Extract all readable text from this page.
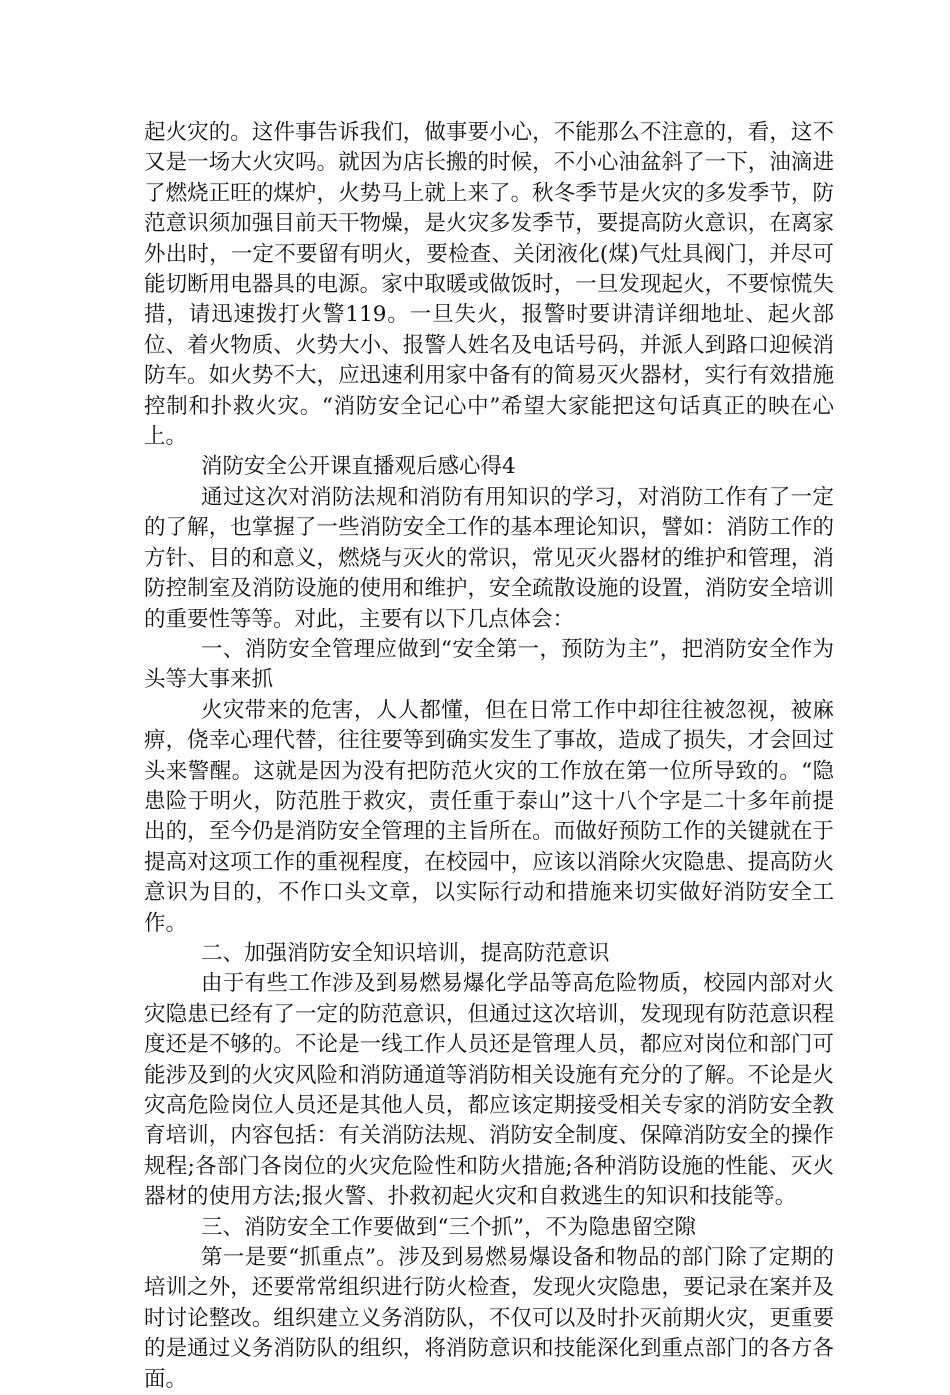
起火灾的。这件事告诉我们，做事要小心，不能那么不注意的，看，这不又是一场大火灾吗。就因为店长搬的时候，不小心油盆斜了一下，油滴进了燃烧正旺的煤炉，火势马上就上来了。秋冬季节是火灾的多发季节，防范意识须加强目前天干物燥，是火灾多发季节，要提高防火意识，在离家外出时，一定不要留有明火，要检查、关闭液化(煤)气灶具阀门，并尽可能切断用电器具的电源。家中取暖或做饭时，一旦发现起火，不要惊慌失措，请迅速拨打火警119。一旦失火，报警时要讲清详细地址、起火部位、着火物质、火势大小、报警人姓名及电话号码，并派人到路口迎候消防车。如火势不大，应迅速利用家中备有的简易灭火器材，实行有效措施控制和扑救火灾。“消防安全记心中”希望大家能把这句话真正的映在心上。

消防安全公开课直播观后感心得4

通过这次对消防法规和消防有用知识的学习，对消防工作有了一定的了解，也掌握了一些消防安全工作的基本理论知识，譬如：消防工作的方针、目的和意义，燃烧与灭火的常识，常见灭火器材的维护和管理，消防控制室及消防设施的使用和维护，安全疏散设施的设置，消防安全培训的重要性等等。对此，主要有以下几点体会：

一、消防安全管理应做到“安全第一，预防为主”，把消防安全作为头等大事来抓

火灾带来的危害，人人都懂，但在日常工作中却往往被忽视，被麻痹，侥幸心理代替，往往要等到确实发生了事故，造成了损失，才会回过头来警醒。这就是因为没有把防范火灾的工作放在第一位所导致的。“隐患险于明火，防范胜于救灾，责任重于泰山”这十八个字是二十多年前提出的，至今仍是消防安全管理的主旨所在。而做好预防工作的关键就在于提高对这项工作的重视程度，在校园中，应该以消除火灾隐患、提高防火意识为目的，不作口头文章，以实际行动和措施来切实做好消防安全工作。

二、加强消防安全知识培训，提高防范意识

由于有些工作涉及到易燃易爆化学品等高危险物质，校园内部对火灾隐患已经有了一定的防范意识，但通过这次培训，发现现有防范意识程度还是不够的。不论是一线工作人员还是管理人员，都应对岗位和部门可能涉及到的火灾风险和消防通道等消防相关设施有充分的了解。不论是火灾高危险岗位人员还是其他人员，都应该定期接受相关专家的消防安全教育培训，内容包括：有关消防法规、消防安全制度、保障消防安全的操作规程;各部门各岗位的火灾危险性和防火措施;各种消防设施的性能、灭火器材的使用方法;报火警、扑救初起火灾和自救逃生的知识和技能等。

三、消防安全工作要做到“三个抓”，不为隐患留空隙

第一是要“抓重点”。涉及到易燃易爆设备和物品的部门除了定期的培训之外，还要常常组织进行防火检查，发现火灾隐患，要记录在案并及时讨论整改。组织建立义务消防队，不仅可以及时扑灭前期火灾，更重要的是通过义务消防队的组织，将消防意识和技能深化到重点部门的各方各面。
